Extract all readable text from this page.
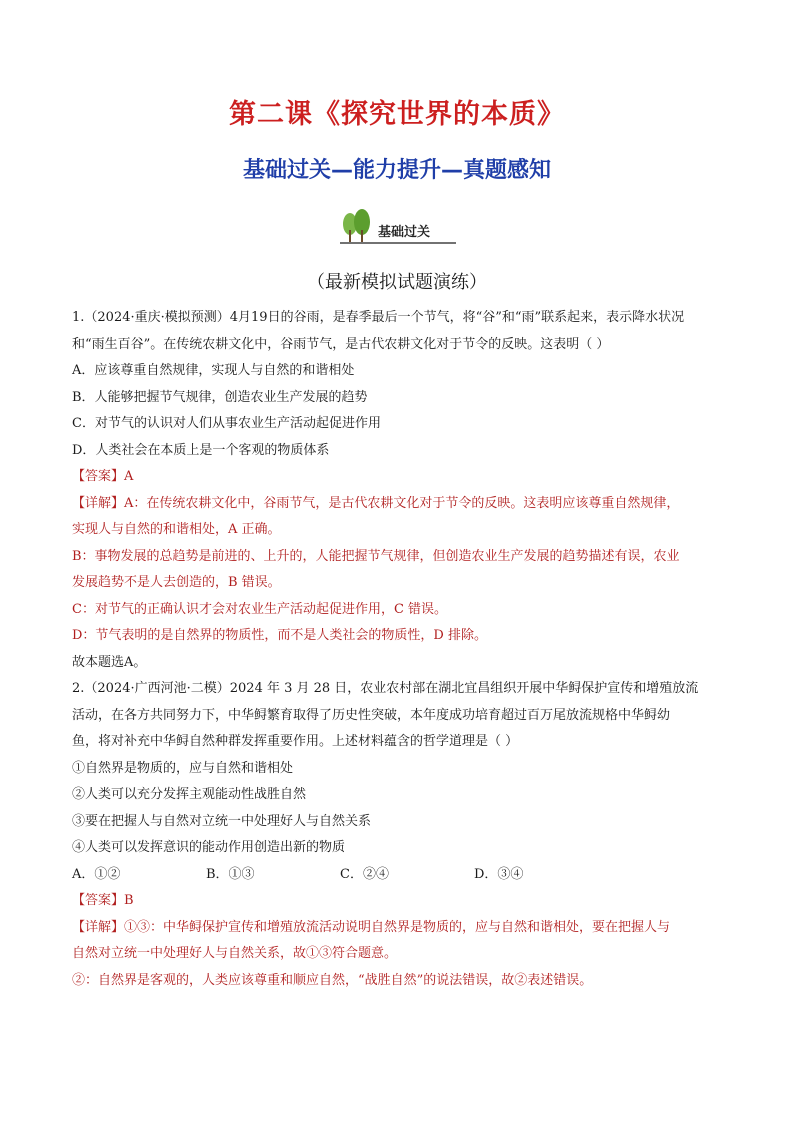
第二课《探究世界的本质》
基础过关—能力提升—真题感知
基础过关
（最新模拟试题演练）

1.（2024·重庆·模拟预测）4月19日的谷雨，是春季最后一个节气，将“谷”和“雨”联系起来，表示降水状况

和“雨生百谷”。在传统农耕文化中，谷雨节气，是古代农耕文化对于节令的反映。这表明（ ）

A．应该尊重自然规律，实现人与自然的和谐相处

B．人能够把握节气规律，创造农业生产发展的趋势

C．对节气的认识对人们从事农业生产活动起促进作用

D．人类社会在本质上是一个客观的物质体系

【答案】A

【详解】A：在传统农耕文化中，谷雨节气，是古代农耕文化对于节令的反映。这表明应该尊重自然规律，

实现人与自然的和谐相处，A 正确。

B：事物发展的总趋势是前进的、上升的，人能把握节气规律，但创造农业生产发展的趋势描述有误，农业

发展趋势不是人去创造的，B 错误。

C：对节气的正确认识才会对农业生产活动起促进作用，C 错误。

D：节气表明的是自然界的物质性，而不是人类社会的物质性，D 排除。

故本题选A。

2.（2024·广西河池·二模）2024 年 3 月 28 日，农业农村部在湖北宜昌组织开展中华鲟保护宣传和增殖放流

活动，在各方共同努力下，中华鲟繁育取得了历史性突破，本年度成功培育超过百万尾放流规格中华鲟幼

鱼，将对补充中华鲟自然种群发挥重要作用。上述材料蕴含的哲学道理是（ ）

①自然界是物质的，应与自然和谐相处

②人类可以充分发挥主观能动性战胜自然

③要在把握人与自然对立统一中处理好人与自然关系

④人类可以发挥意识的能动作用创造出新的物质

A．①②	B．①③	C．②④	D．③④

【答案】B

【详解】①③：中华鲟保护宣传和增殖放流活动说明自然界是物质的，应与自然和谐相处，要在把握人与

自然对立统一中处理好人与自然关系，故①③符合题意。

②：自然界是客观的，人类应该尊重和顺应自然，“战胜自然”的说法错误，故②表述错误。
